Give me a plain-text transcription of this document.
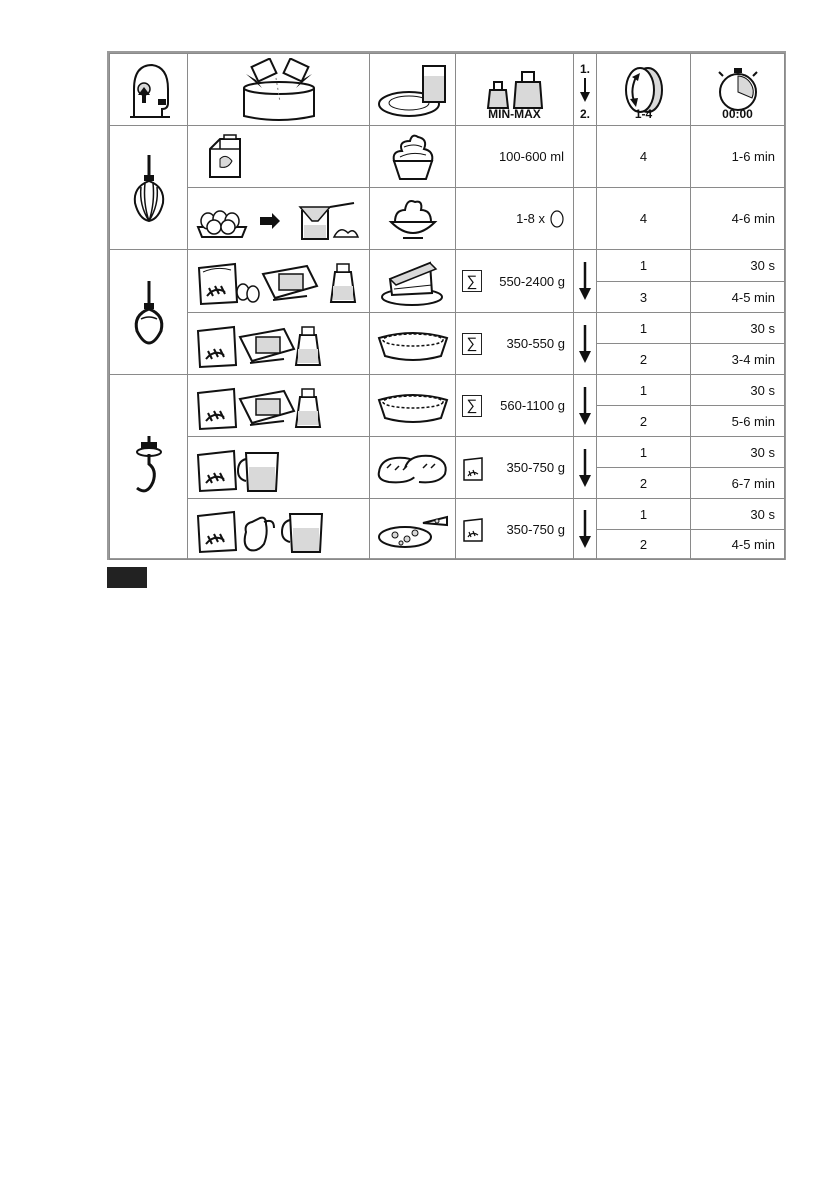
MIN-MAX	1.
2.	1-4	00:00

	100-600 ml		4	1-6 min

1-8 x		4	4-6 min

∑ 550-2400 g		1	30 s
					3	4-5 min

∑ 350-550 g		1	30 s
					2	3-4 min

∑ 560-1100 g		1	30 s
					2	5-6 min

350-750 g		1	30 s
					2	6-7 min

350-750 g		1	30 s
					2	4-5 min
